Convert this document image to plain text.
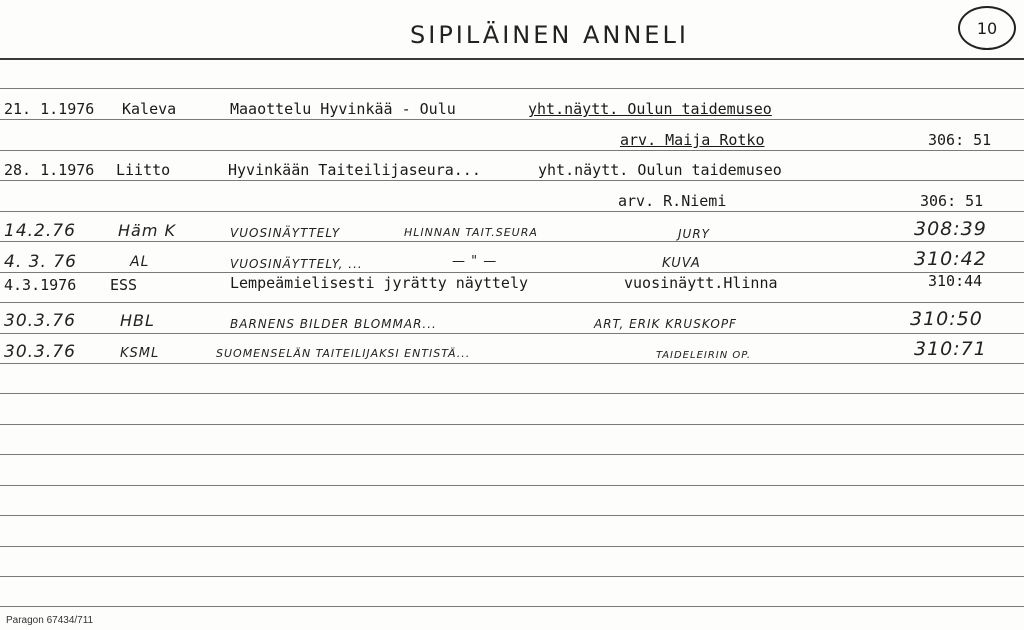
SIPILÄINEN ANNELI	10
21. 1.1976 Kaleva	Maaottelu Hyvinkää - Oulu	yht.näytt. Oulun taidemuseo
arv. Maija Rotko	306: 51
28. 1.1976 Liitto	Hyvinkään Taiteilijaseura...	yht.näytt. Oulun taidemuseo
arv. R.Niemi	306: 51
14.2.76	Häm K	VUOSINÄYTTELY	HLINNAN TAIT.SEURA	JURY	308:39
4. 3. 76	AL	VUOSINÄYTTELY, ...	— " —	KUVA	310:42
4.3.1976 ESS	Lempeämielisesti jyrätty näyttely	vuosinäytt.Hlinna	310:44
30.3.76	HBL	BARNENS BILDER BLOMMAR...	ART, ERIK KRUSKOPF	310:50
30.3.76	KSML	SUOMENSELÄN TAITEILIJAKSI ENTISTÄ...	TAIDELEIRIN OP.	310:71
Paragon 67434/711
